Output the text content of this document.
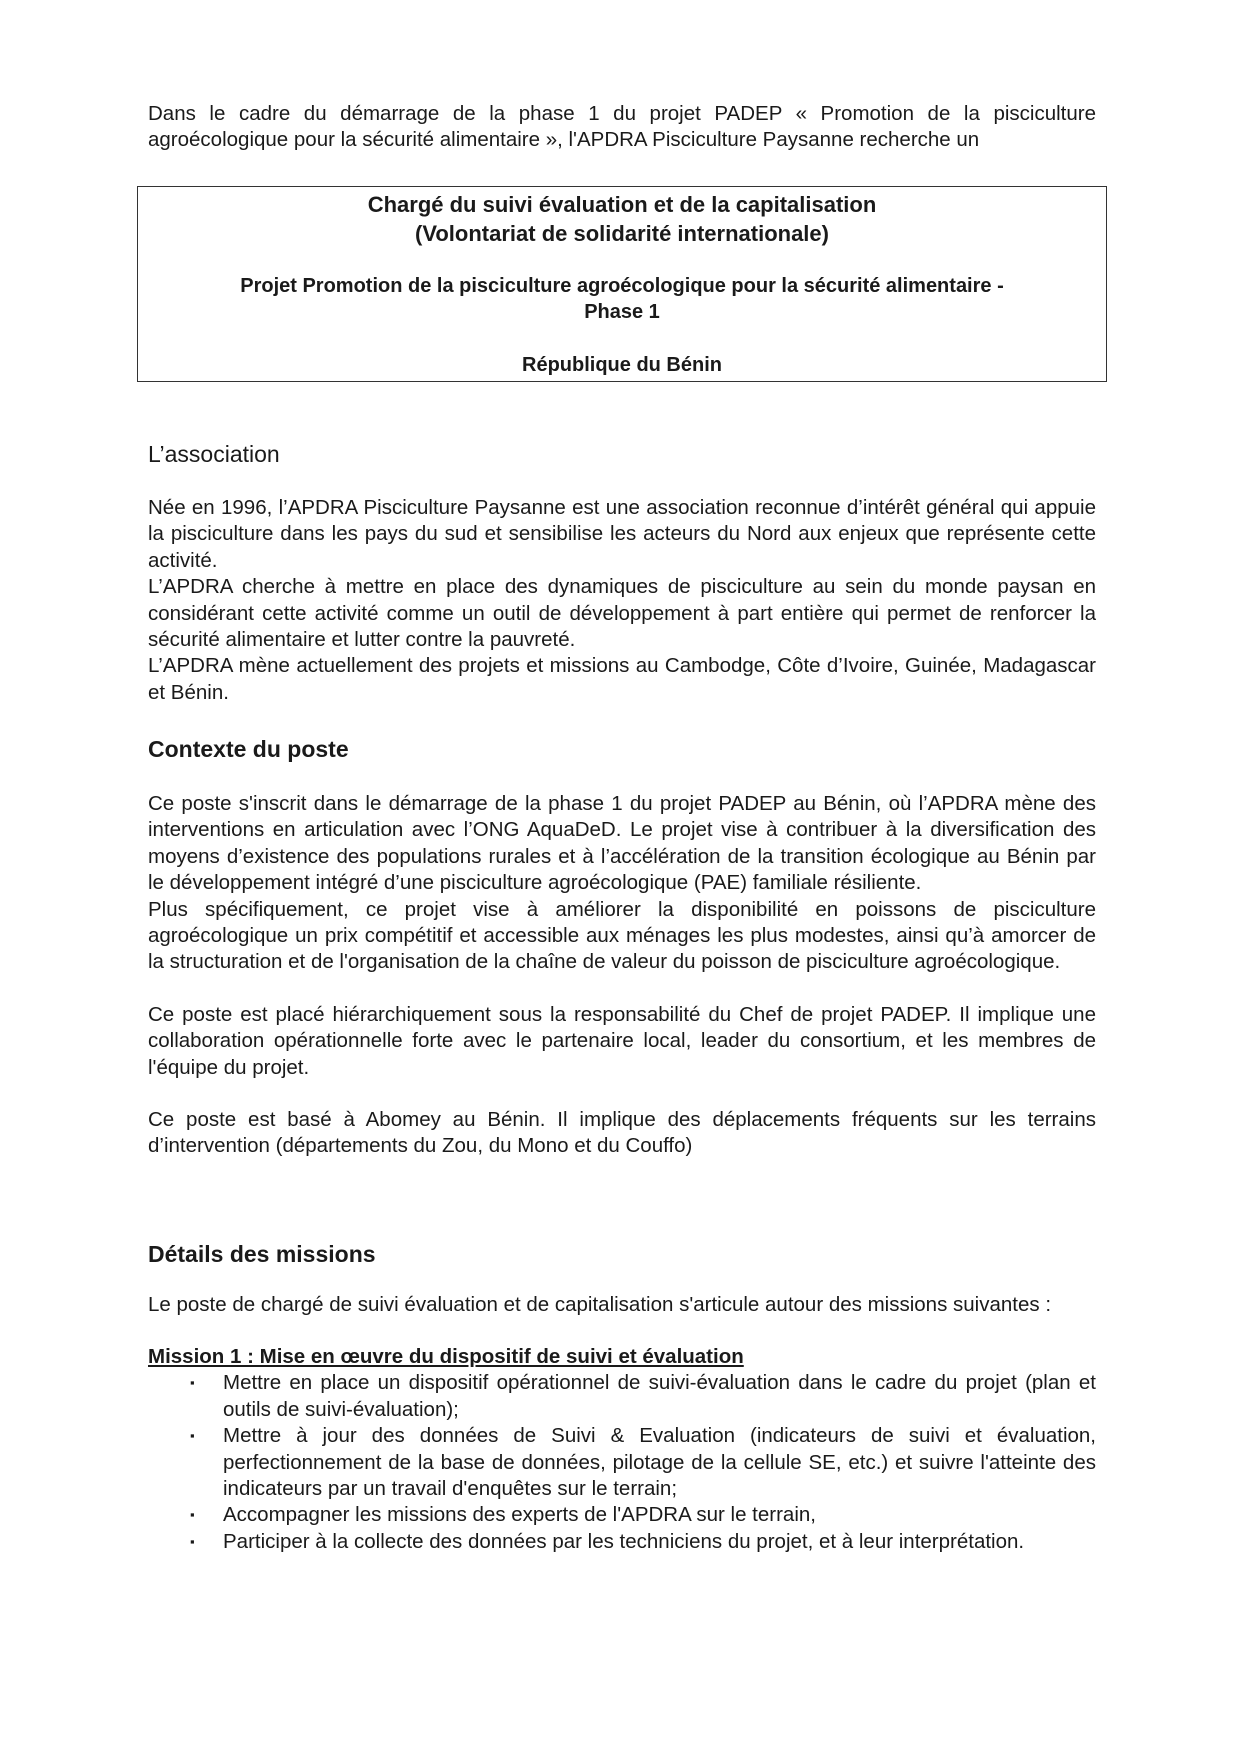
Dans le cadre du démarrage de la phase 1 du projet PADEP « Promotion de la pisciculture agroécologique pour la sécurité alimentaire », l'APDRA Pisciculture Paysanne recherche un

Chargé du suivi évaluation et de la capitalisation
(Volontariat de solidarité internationale)
Projet Promotion de la pisciculture agroécologique pour la sécurité alimentaire -
Phase 1
République du Bénin
L’association

Née en 1996, l’APDRA Pisciculture Paysanne est une association reconnue d’intérêt général qui appuie la pisciculture dans les pays du sud et sensibilise les acteurs du Nord aux enjeux que représente cette activité.

L’APDRA cherche à mettre en place des dynamiques de pisciculture au sein du monde paysan en considérant cette activité comme un outil de développement à part entière qui permet de renforcer la sécurité alimentaire et lutter contre la pauvreté.

L’APDRA mène actuellement des projets et missions au Cambodge, Côte d’Ivoire, Guinée, Madagascar et Bénin.

Contexte du poste

Ce poste s'inscrit dans le démarrage de la phase 1 du projet PADEP au Bénin, où l’APDRA mène des interventions en articulation avec l’ONG AquaDeD. Le projet vise à contribuer à la diversification des moyens d’existence des populations rurales et à l’accélération de la transition écologique au Bénin par le développement intégré d’une pisciculture agroécologique (PAE) familiale résiliente.

Plus spécifiquement, ce projet vise à améliorer la disponibilité en poissons de pisciculture agroécologique un prix compétitif et accessible aux ménages les plus modestes, ainsi qu’à amorcer de la structuration et de l'organisation de la chaîne de valeur du poisson de pisciculture agroécologique.

Ce poste est placé hiérarchiquement sous la responsabilité du Chef de projet PADEP. Il implique une collaboration opérationnelle forte avec le partenaire local, leader du consortium, et les membres de l'équipe du projet.

Ce poste est basé à Abomey au Bénin. Il implique des déplacements fréquents sur les terrains d’intervention (départements du Zou, du Mono et du Couffo)

Détails des missions

Le poste de chargé de suivi évaluation et de capitalisation s'articule autour des missions suivantes :

Mission 1 : Mise en œuvre du dispositif de suivi et évaluation
▪ Mettre en place un dispositif opérationnel de suivi-évaluation dans le cadre du projet (plan et outils de suivi-évaluation);
▪ Mettre à jour des données de Suivi & Evaluation (indicateurs de suivi et évaluation, perfectionnement de la base de données, pilotage de la cellule SE, etc.) et suivre l'atteinte des indicateurs par un travail d'enquêtes sur le terrain;
▪ Accompagner les missions des experts de l'APDRA sur le terrain,
▪ Participer à la collecte des données par les techniciens du projet, et à leur interprétation.
